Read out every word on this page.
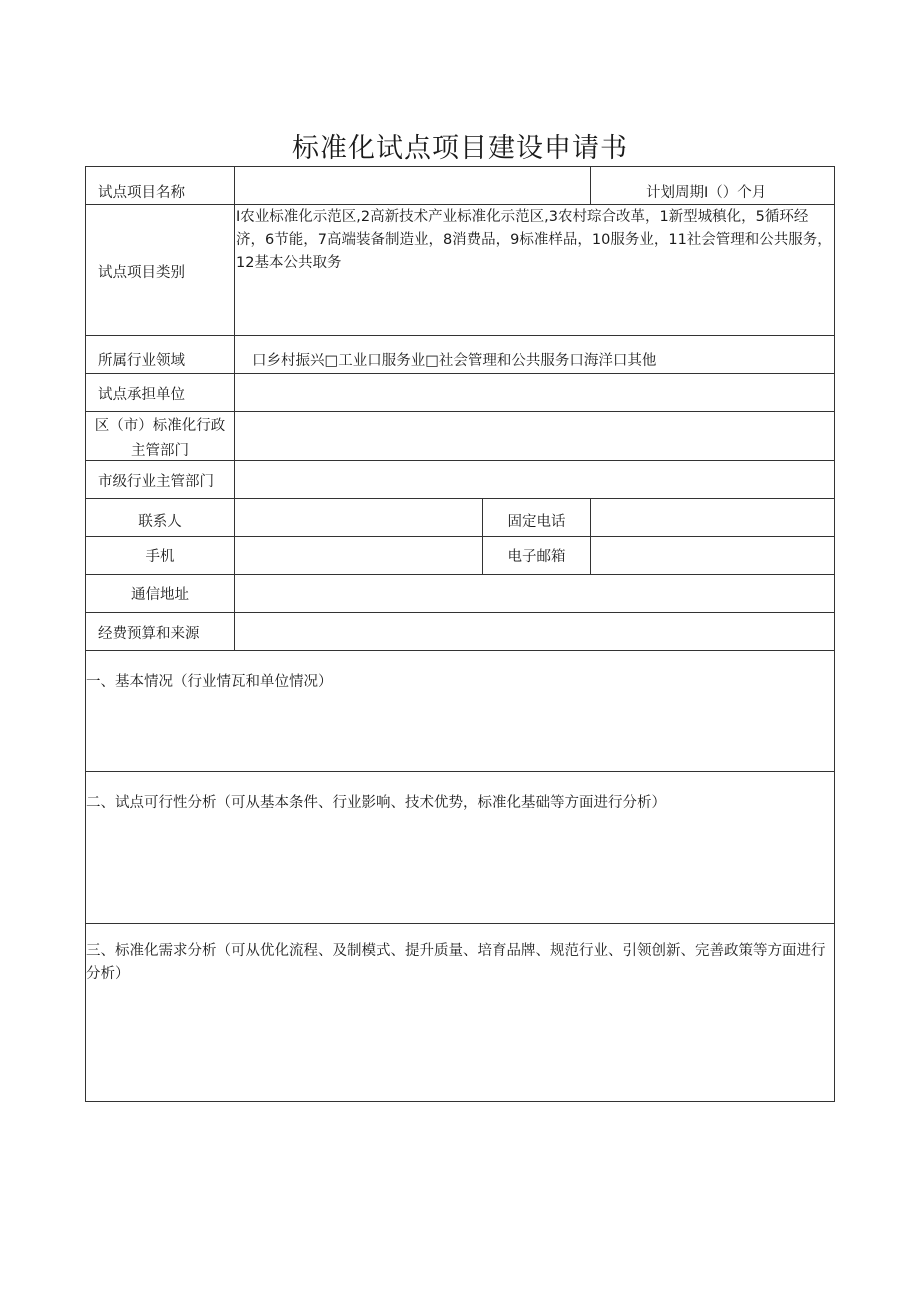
标准化试点项目建设申请书
试点项目名称	计划周期I（）个月
试点项目类别
I农业标准化示范区,2高新技术产业标准化示范区,3农村琮合改革，1新型城稹化，5循环经济，6节能，7高端装备制造业，8消费品，9标准样品，10服务业，11社会管理和公共服务，12基本公共取务
所属行业领域	口乡村振兴□工业口服务业□社会管理和公共服务口海洋口其他
试点承担单位
区（市）标准化行政
主管部门
市级行业主管部门
联系人	固定电话
手机	电子邮箱
通信地址
经费预算和来源
一、基本情况（行业情瓦和单位情况）
二、试点可行性分析（可从基本条件、行业影响、技术优势，标准化基础等方面进行分析）
三、标准化需求分析（可从优化流程、及制模式、提升质量、培育品牌、规范行业、引领创新、完善政策等方面进行分析）
